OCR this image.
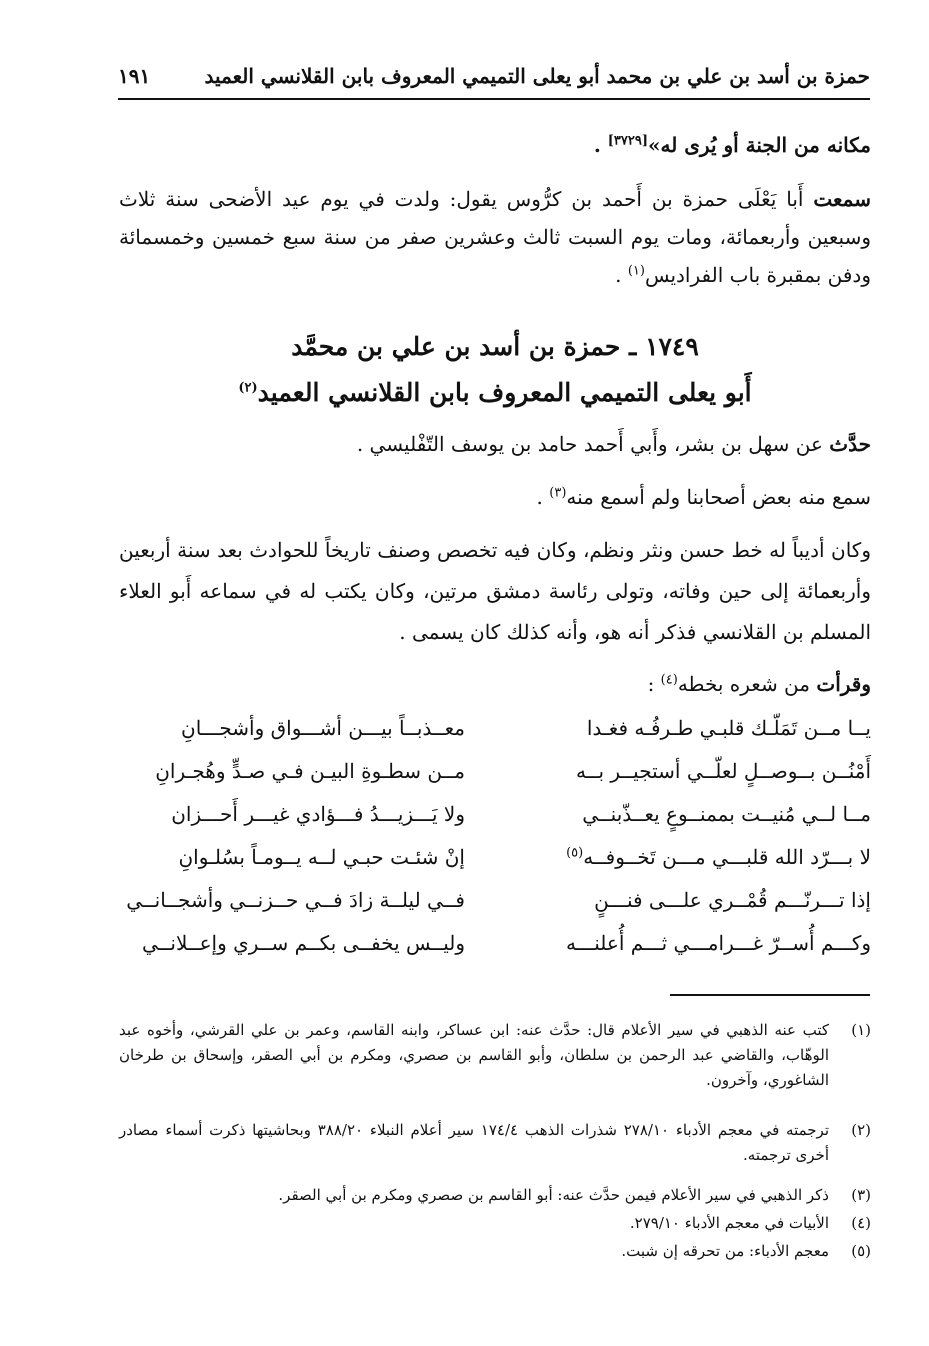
حمزة بن أسد بن علي بن محمد أبو يعلى التميمي المعروف بابن القلانسي العميد
١٩١

مكانه من الجنة أو يُرى له»[٣٧٢٩] .

سمعت أَبا يَعْلَى حمزة بن أَحمد بن كرُّوس يقول: ولدت في يوم عيد الأضحى سنة ثلاث وسبعين وأربعمائة، ومات يوم السبت ثالث وعشرين صفر من سنة سبع خمسين وخمسمائة ودفن بمقبرة باب الفراديس$^{(١)}$ .

١٧٤٩ ـ حمزة بن أسد بن علي بن محمَّد
أَبو يعلى التميمي المعروف بابن القلانسي العميد$^{(٢)}$

حدَّث عن سهل بن بشر، وأَبي أَحمد حامد بن يوسف التّفْليسي .

سمع منه بعض أصحابنا ولم أسمع منه$^{(٣)}$ .

وكان أديباً له خط حسن ونثر ونظم، وكان فيه تخصص وصنف تاريخاً للحوادث بعد سنة أربعين وأربعمائة إلى حين وفاته، وتولى رئاسة دمشق مرتين، وكان يكتب له في سماعه أَبو العلاء المسلم بن القلانسي فذكر أنه هو، وأنه كذلك كان يسمى .

وقرأت من شعره بخطه$^{(٤)}$ :

يــا مــن تَمَلّـك قلبـي طـرفُـه فغـدا
معــذبــاً بيـــن أشـــواق وأشجـــانِ
أَمْنُــن بــوصــلٍ لعلّــي أستجيــر بــه
مــن سطـوةِ البيـن فـي صـدٍّ وهُجـرانِ
مــا لــي مُنيــت بممنــوعٍ يعــذّبنــي
ولا يَـــزيـــدُ فـــؤادي غيـــر أَحـــزان
لا بـــرّد الله قلبـــي مـــن تَخــوفــه$^{(٥)}$
إنْ شئـت حبـي لــه يــومـاً بسُلـوانِ
إذا تـــرنّـــم قُمْــري علـــى فنـــنٍ
فــي ليلــة زادَ فــي حــزنــي وأشجــانــي
وكـــم أُســرّ غـــرامـــي ثـــم أُعلنـــه
وليــس يخفــى بكــم ســري وإعــلانــي
(١)
كتب عنه الذهبي في سير الأعلام قال: حدَّث عنه: ابن عساكر، وابنه القاسم، وعمر بن علي القرشي، وأخوه عبد الوهّاب، والقاضي عبد الرحمن بن سلطان، وأبو القاسم بن صصري، ومكرم بن أبي الصقر، وإسحاق بن طرخان الشاغوري، وآخرون.
(٢)
ترجمته في معجم الأدباء ٢٧٨/١٠ شذرات الذهب ١٧٤/٤ سير أعلام النبلاء ٣٨٨/٢٠ وبحاشيتها ذكرت أسماء مصادر أخرى ترجمته.
(٣)
ذكر الذهبي في سير الأعلام فيمن حدَّث عنه: أبو القاسم بن صصري ومكرم بن أبي الصقر.
(٤)
الأبيات في معجم الأدباء ٢٧٩/١٠.
(٥)
معجم الأدباء: من تحرقه إن شبت.
